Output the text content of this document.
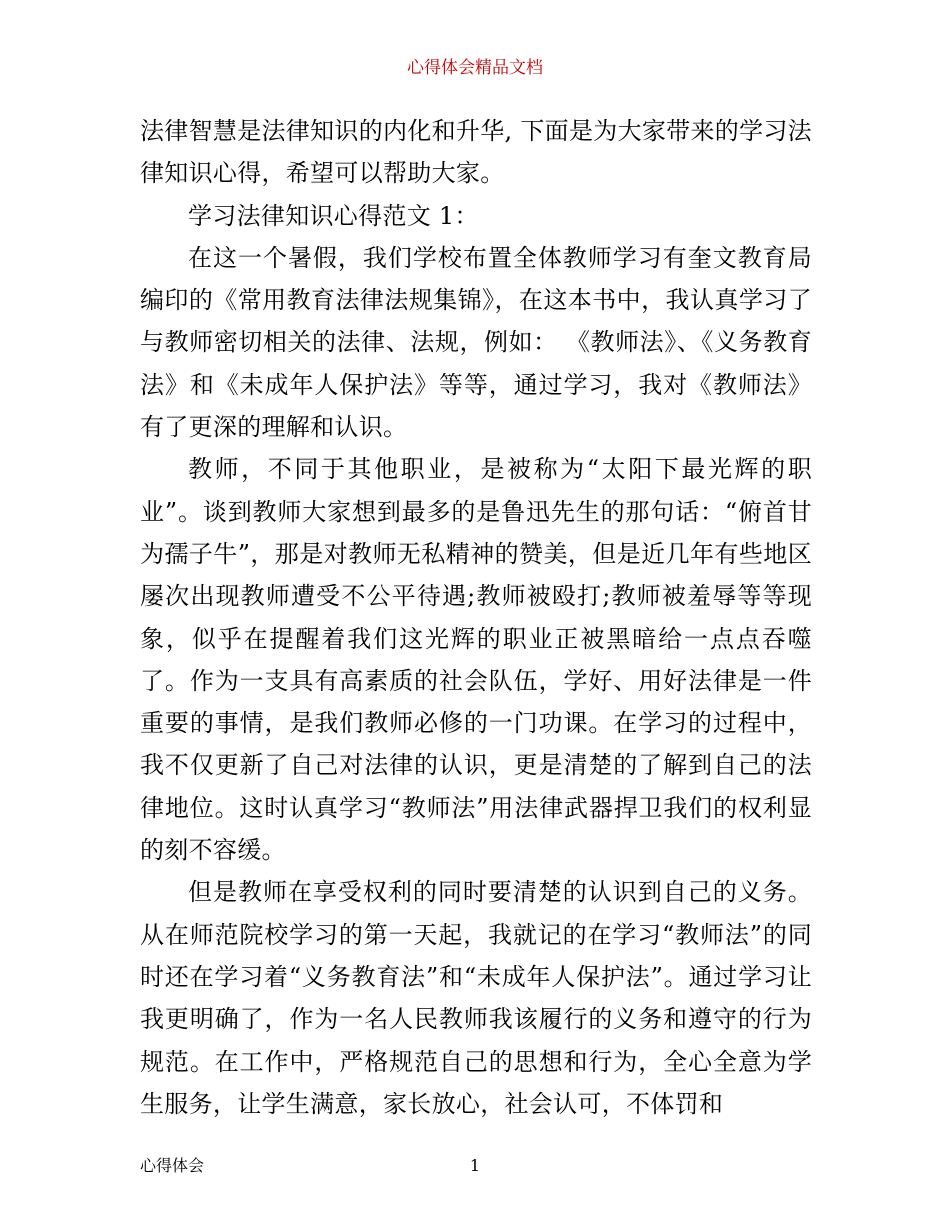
心得体会精品文档

法律智慧是法律知识的内化和升华, 下面是为大家带来的学习法律知识心得，希望可以帮助大家。

学习法律知识心得范文 1：

在这一个暑假，我们学校布置全体教师学习有奎文教育局编印的《常用教育法律法规集锦》，在这本书中，我认真学习了与教师密切相关的法律、法规，例如： 《教师法》、《义务教育法》和《未成年人保护法》等等，通过学习，我对《教师法》有了更深的理解和认识。

教师，不同于其他职业，是被称为“太阳下最光辉的职业”。谈到教师大家想到最多的是鲁迅先生的那句话：“俯首甘为孺子牛”，那是对教师无私精神的赞美，但是近几年有些地区屡次出现教师遭受不公平待遇;教师被殴打;教师被羞辱等等现象，似乎在提醒着我们这光辉的职业正被黑暗给一点点吞噬了。作为一支具有高素质的社会队伍，学好、用好法律是一件重要的事情，是我们教师必修的一门功课。在学习的过程中，我不仅更新了自己对法律的认识，更是清楚的了解到自己的法律地位。这时认真学习“教师法”用法律武器捍卫我们的权利显的刻不容缓。

但是教师在享受权利的同时要清楚的认识到自己的义务。从在师范院校学习的第一天起，我就记的在学习“教师法”的同时还在学习着“义务教育法”和“未成年人保护法”。通过学习让我更明确了，作为一名人民教师我该履行的义务和遵守的行为规范。在工作中，严格规范自己的思想和行为，全心全意为学生服务，让学生满意，家长放心，社会认可，不体罚和

心得体会	1
